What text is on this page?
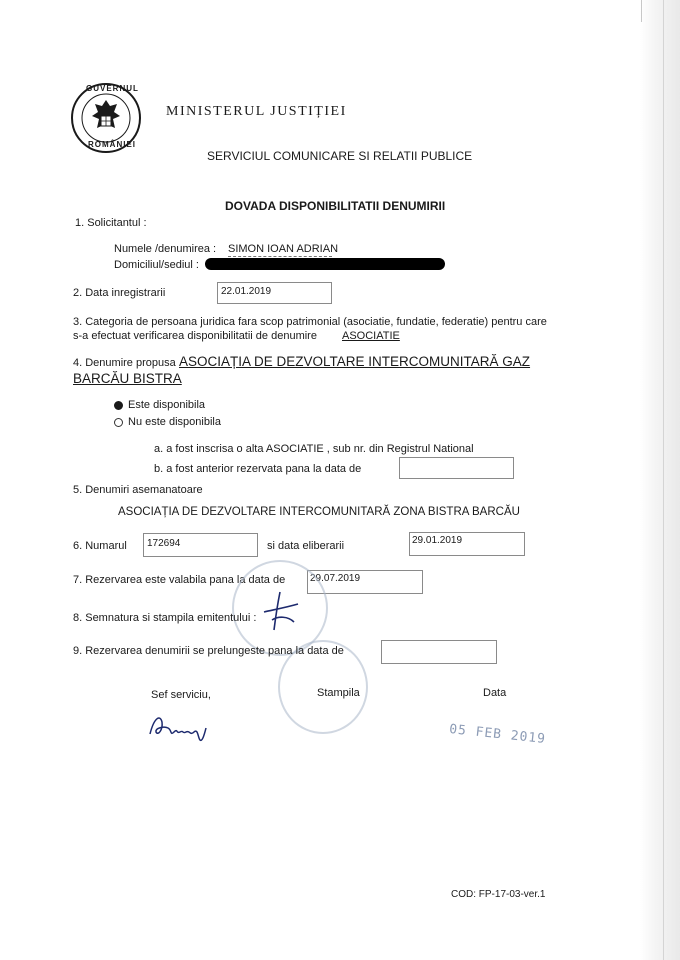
GUVERNUL
ROMÂNIEI
MINISTERUL JUSTIȚIEI
SERVICIUL COMUNICARE SI RELATII PUBLICE
DOVADA DISPONIBILITATII DENUMIRII
1. Solicitantul :
Numele /denumirea : SIMON IOAN ADRIAN
Domiciliul/sediul :
2. Data inregistrarii	22.01.2019
3. Categoria de persoana juridica fara scop patrimonial (asociatie, fundatie, federatie) pentru care
s-a efectuat verificarea disponibilitatii de denumire ASOCIATIE
4. Denumire propusa ASOCIAȚIA DE DEZVOLTARE INTERCOMUNITARĂ GAZ
BARCĂU BISTRA
Este disponibila
Nu este disponibila
a. a fost inscrisa o alta ASOCIATIE , sub nr. din Registrul National
b. a fost anterior rezervata pana la data de
5. Denumiri asemanatoare
ASOCIAȚIA DE DEZVOLTARE INTERCOMUNITARĂ ZONA BISTRA BARCĂU
6. Numarul 172694	si data eliberarii	29.01.2019
7. Rezervarea este valabila pana la data de 29.07.2019
8. Semnatura si stampila emitentului :
9. Rezervarea denumirii se prelungeste pana la data de
Sef serviciu,	Stampila	Data
05 FEB 2019
COD: FP-17-03-ver.1
